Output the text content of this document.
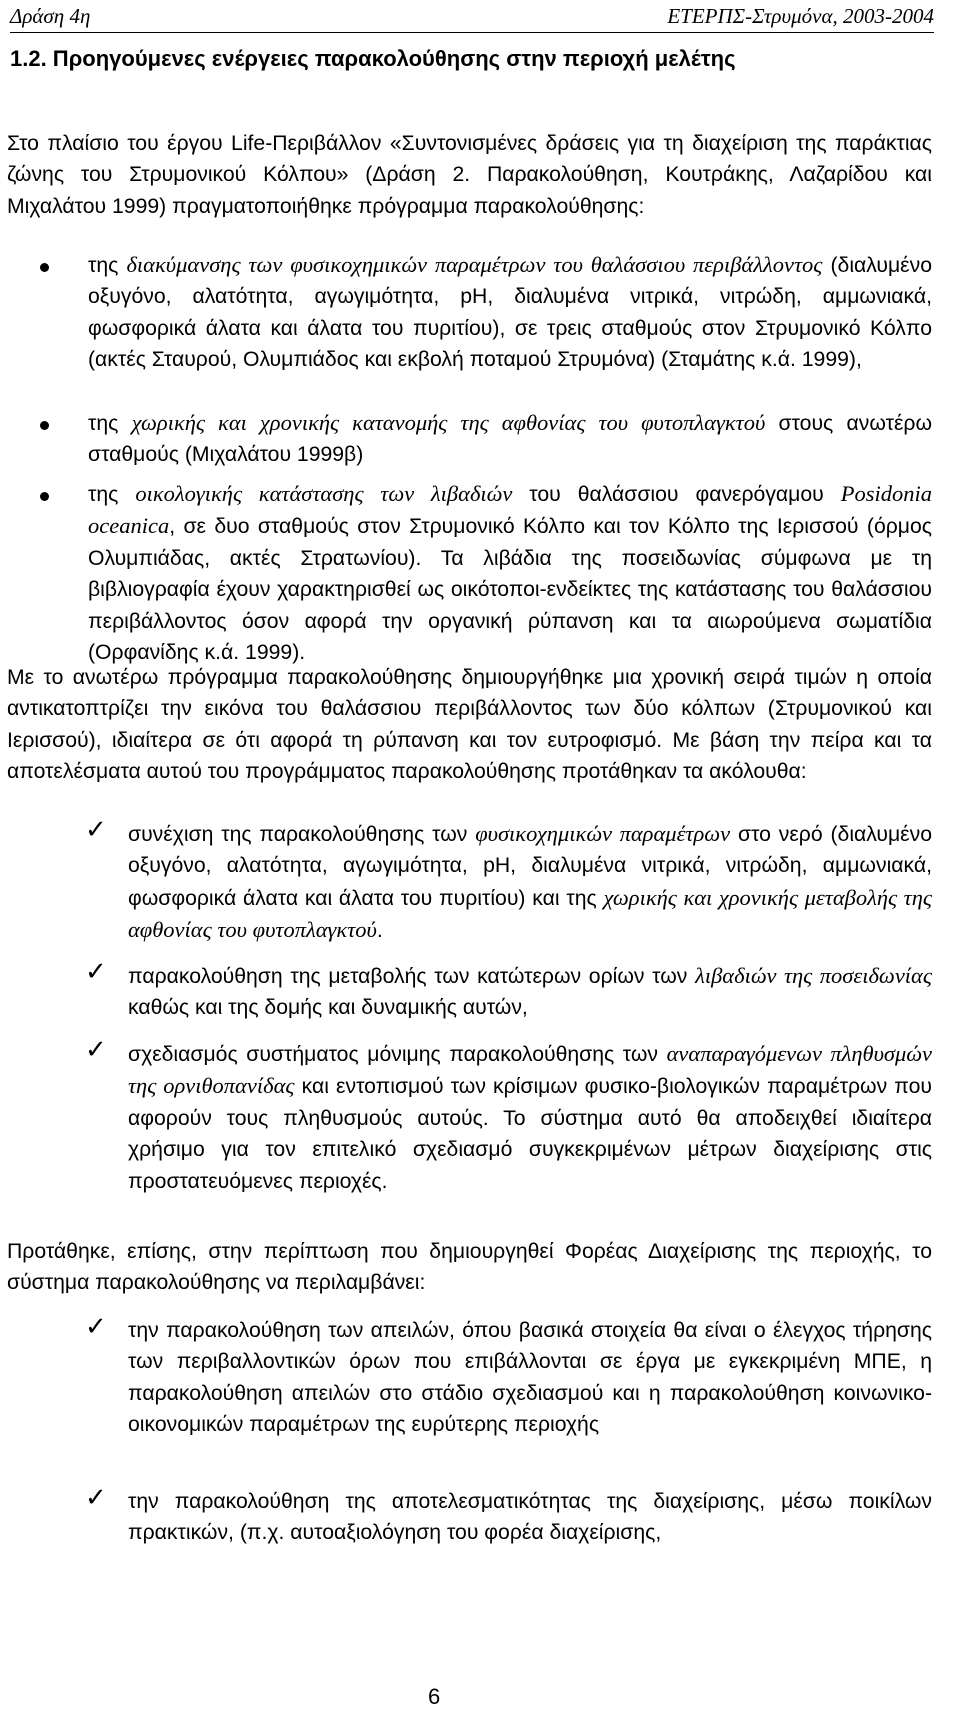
Δράση 4η	ΕΤΕΡΠΣ-Στρυμόνα, 2003-2004
1.2. Προηγούμενες ενέργειες παρακολούθησης στην περιοχή μελέτης
Στο πλαίσιο του έργου Life-Περιβάλλον «Συντονισμένες δράσεις για τη διαχείριση της παράκτιας ζώνης του Στρυμονικού Κόλπου» (Δράση 2. Παρακολούθηση, Κουτράκης, Λαζαρίδου και Μιχαλάτου 1999) πραγματοποιήθηκε πρόγραμμα παρακολούθησης:
της διακύμανσης των φυσικοχημικών παραμέτρων του θαλάσσιου περιβάλλοντος (διαλυμένο οξυγόνο, αλατότητα, αγωγιμότητα, pH, διαλυμένα νιτρικά, νιτρώδη, αμμωνιακά, φωσφορικά άλατα και άλατα του πυριτίου), σε τρεις σταθμούς στον Στρυμονικό Κόλπο (ακτές Σταυρού, Ολυμπιάδος και εκβολή ποταμού Στρυμόνα) (Σταμάτης κ.ά. 1999),
της χωρικής και χρονικής κατανομής της αφθονίας του φυτοπλαγκτού στους ανωτέρω σταθμούς (Μιχαλάτου 1999β)
της οικολογικής κατάστασης των λιβαδιών του θαλάσσιου φανερόγαμου Posidonia oceanica, σε δυο σταθμούς στον Στρυμονικό Κόλπο και τον Κόλπο της Ιερισσού (όρμος Ολυμπιάδας, ακτές Στρατωνίου). Τα λιβάδια της ποσειδωνίας σύμφωνα με τη βιβλιογραφία έχουν χαρακτηρισθεί ως οικότοποι-ενδείκτες της κατάστασης του θαλάσσιου περιβάλλοντος όσον αφορά την οργανική ρύπανση και τα αιωρούμενα σωματίδια (Ορφανίδης κ.ά. 1999).
Με το ανωτέρω πρόγραμμα παρακολούθησης δημιουργήθηκε μια χρονική σειρά τιμών η οποία αντικατοπτρίζει την εικόνα του θαλάσσιου περιβάλλοντος των δύο κόλπων (Στρυμονικού και Ιερισσού), ιδιαίτερα σε ότι αφορά τη ρύπανση και τον ευτροφισμό. Με βάση την πείρα και τα αποτελέσματα αυτού του προγράμματος παρακολούθησης προτάθηκαν τα ακόλουθα:
✓ συνέχιση της παρακολούθησης των φυσικοχημικών παραμέτρων στο νερό (διαλυμένο οξυγόνο, αλατότητα, αγωγιμότητα, pH, διαλυμένα νιτρικά, νιτρώδη, αμμωνιακά, φωσφορικά άλατα και άλατα του πυριτίου) και της χωρικής και χρονικής μεταβολής της αφθονίας του φυτοπλαγκτού.
✓ παρακολούθηση της μεταβολής των κατώτερων ορίων των λιβαδιών της ποσειδωνίας καθώς και της δομής και δυναμικής αυτών,
✓ σχεδιασμός συστήματος μόνιμης παρακολούθησης των αναπαραγόμενων πληθυσμών της ορνιθοπανίδας και εντοπισμού των κρίσιμων φυσικο-βιολογικών παραμέτρων που αφορούν τους πληθυσμούς αυτούς. Το σύστημα αυτό θα αποδειχθεί ιδιαίτερα χρήσιμο για τον επιτελικό σχεδιασμό συγκεκριμένων μέτρων διαχείρισης στις προστατευόμενες περιοχές.
Προτάθηκε, επίσης, στην περίπτωση που δημιουργηθεί Φορέας Διαχείρισης της περιοχής, το σύστημα παρακολούθησης να περιλαμβάνει:
✓ την παρακολούθηση των απειλών, όπου βασικά στοιχεία θα είναι ο έλεγχος τήρησης των περιβαλλοντικών όρων που επιβάλλονται σε έργα με εγκεκριμένη ΜΠΕ, η παρακολούθηση απειλών στο στάδιο σχεδιασμού και η παρακολούθηση κοινωνικο-οικονομικών παραμέτρων της ευρύτερης περιοχής
✓ την παρακολούθηση της αποτελεσματικότητας της διαχείρισης, μέσω ποικίλων πρακτικών, (π.χ. αυτοαξιολόγηση του φορέα διαχείρισης,
6
